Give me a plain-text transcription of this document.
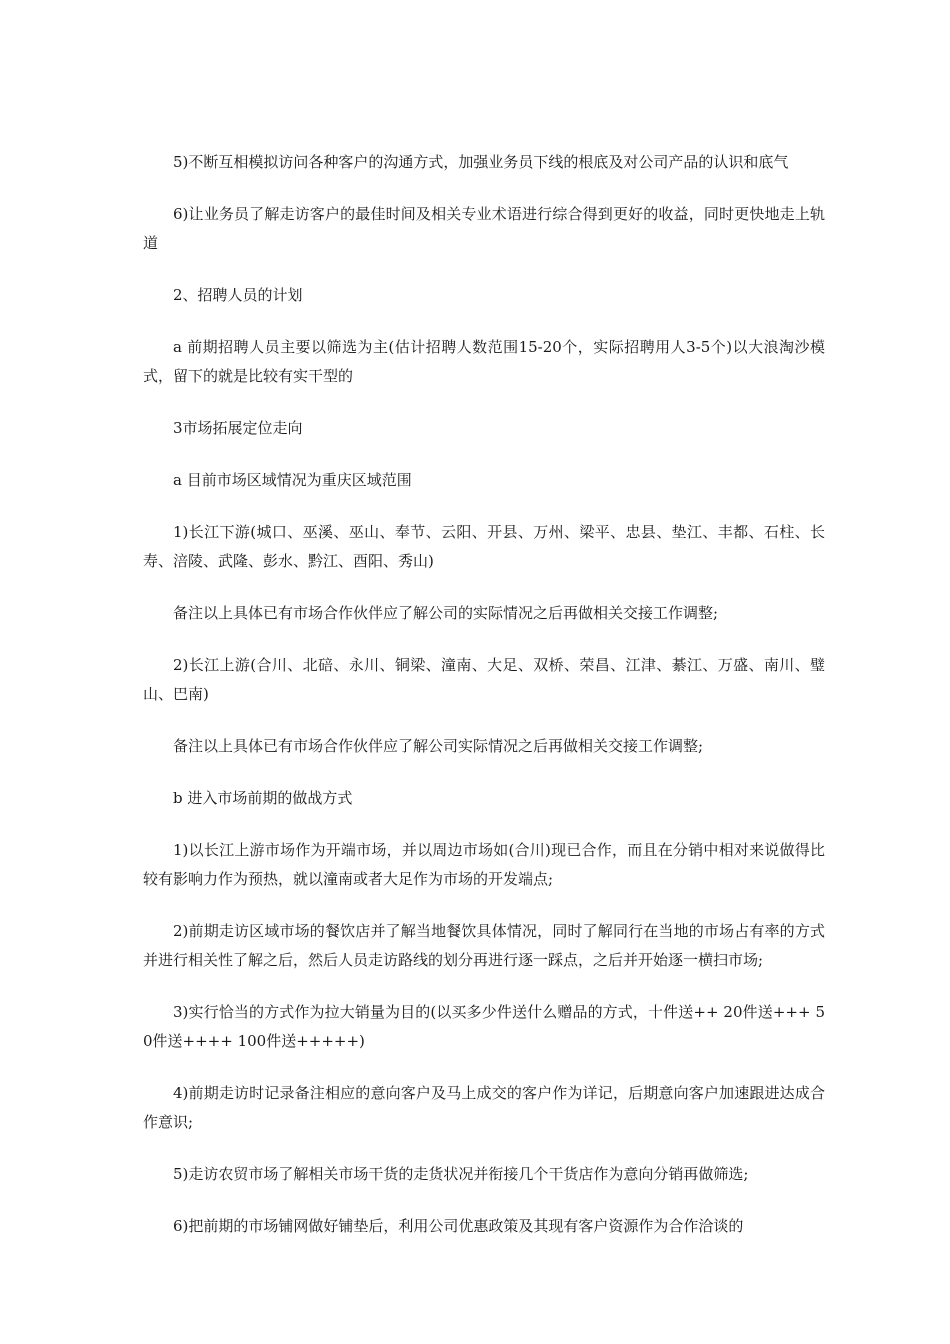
5)不断互相模拟访问各种客户的沟通方式，加强业务员下线的根底及对公司产品的认识和底气

6)让业务员了解走访客户的最佳时间及相关专业术语进行综合得到更好的收益，同时更快地走上轨道

2、招聘人员的计划

a 前期招聘人员主要以筛选为主(估计招聘人数范围15-20个，实际招聘用人3-5个)以大浪淘沙模式，留下的就是比较有实干型的

3市场拓展定位走向

a 目前市场区域情况为重庆区域范围

1)长江下游(城口、巫溪、巫山、奉节、云阳、开县、万州、梁平、忠县、垫江、丰都、石柱、长寿、涪陵、武隆、彭水、黔江、酉阳、秀山)

备注以上具体已有市场合作伙伴应了解公司的实际情况之后再做相关交接工作调整;

2)长江上游(合川、北碚、永川、铜梁、潼南、大足、双桥、荣昌、江津、綦江、万盛、南川、璧山、巴南)

备注以上具体已有市场合作伙伴应了解公司实际情况之后再做相关交接工作调整;

b 进入市场前期的做战方式

1)以长江上游市场作为开端市场，并以周边市场如(合川)现已合作，而且在分销中相对来说做得比较有影响力作为预热，就以潼南或者大足作为市场的开发端点;

2)前期走访区域市场的餐饮店并了解当地餐饮具体情况，同时了解同行在当地的市场占有率的方式并进行相关性了解之后，然后人员走访路线的划分再进行逐一踩点，之后并开始逐一横扫市场;

3)实行恰当的方式作为拉大销量为目的(以买多少件送什么赠品的方式，十件送++ 20件送+++ 50件送++++ 100件送+++++)

4)前期走访时记录备注相应的意向客户及马上成交的客户作为详记，后期意向客户加速跟进达成合作意识;

5)走访农贸市场了解相关市场干货的走货状况并衔接几个干货店作为意向分销再做筛选;

6)把前期的市场铺网做好铺垫后，利用公司优惠政策及其现有客户资源作为合作洽谈的
